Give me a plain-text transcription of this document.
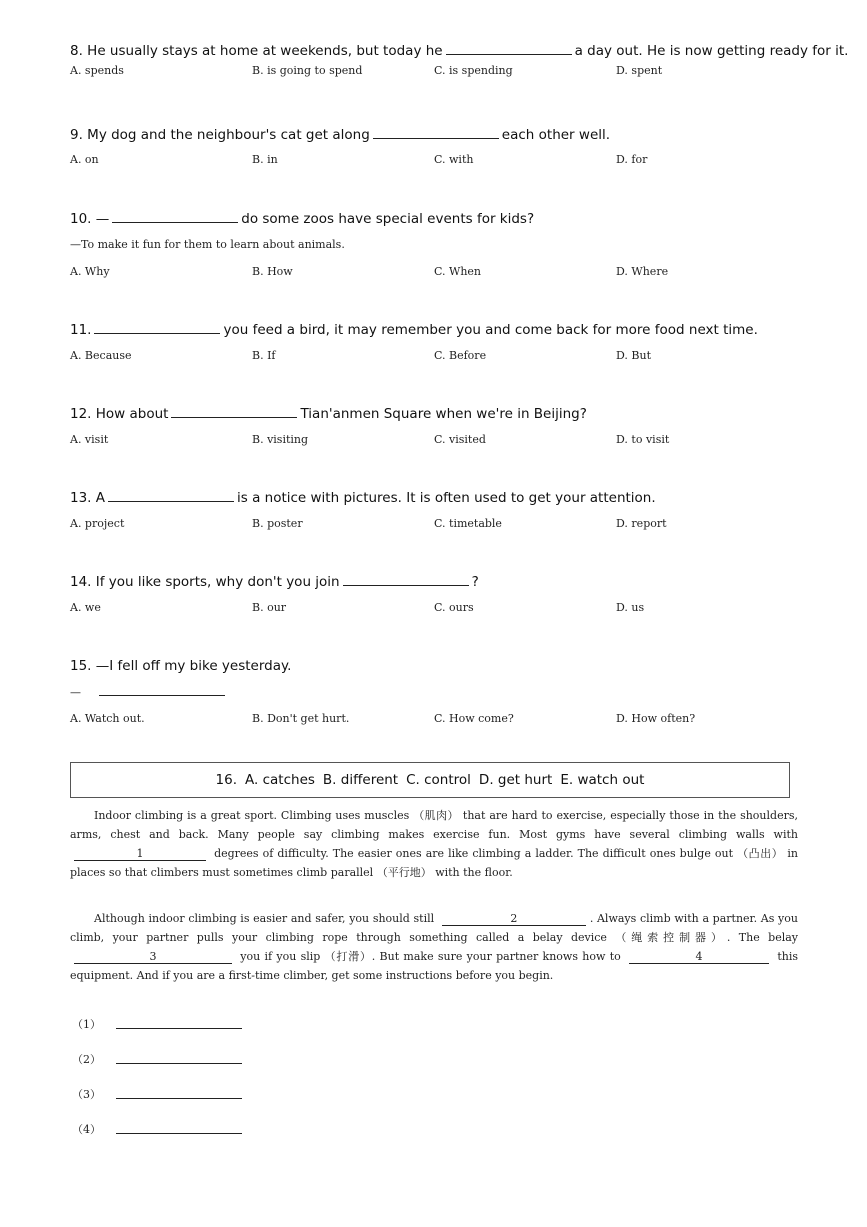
8. He usually stays at home at weekends, but today he	a day out. He is now getting ready for it.
A. spends	B. is going to spend	C. is spending	D. spent
9. My dog and the neighbour's cat get along	each other well.
A. on	B. in	C. with	D. for
10. —	do some zoos have special events for kids?
—To make it fun for them to learn about animals.
A. Why	B. How	C. When	D. Where
11.	you feed a bird, it may remember you and come back for more food next time.
A. Because	B. If	C. Before	D. But
12. How about	Tian'anmen Square when we're in Beijing?
A. visit	B. visiting	C. visited	D. to visit
13. A	is a notice with pictures. It is often used to get your attention.
A. project	B. poster	C. timetable	D. report
14. If you like sports, why don't you join	?
A. we	B. our	C. ours	D. us
15. —I fell off my bike yesterday.
—
A. Watch out.	B. Don't get hurt.	C. How come?	D. How often?
16. A. catches B. different C. control D. get hurt E. watch out
Indoor climbing is a great sport. Climbing uses muscles （肌肉） that are hard to exercise, especially those in the shoulders, arms, chest and back. Many people say climbing makes exercise fun. Most gyms have several climbing walls with 1	degrees of difficulty. The easier ones are like climbing a ladder. The difficult ones bulge out （凸出） in places so that climbers must sometimes climb parallel （平行地） with the floor.
Although indoor climbing is easier and safer, you should still	2	. Always climb with a partner. As you climb, your partner pulls your climbing rope through something called a belay device （绳索控制器）. The belay 3	you if you slip （打滑）. But make sure your partner knows how to	4	this equipment. And if you are a first-time climber, get some instructions before you begin.
（1）
（2）
（3）
（4）
